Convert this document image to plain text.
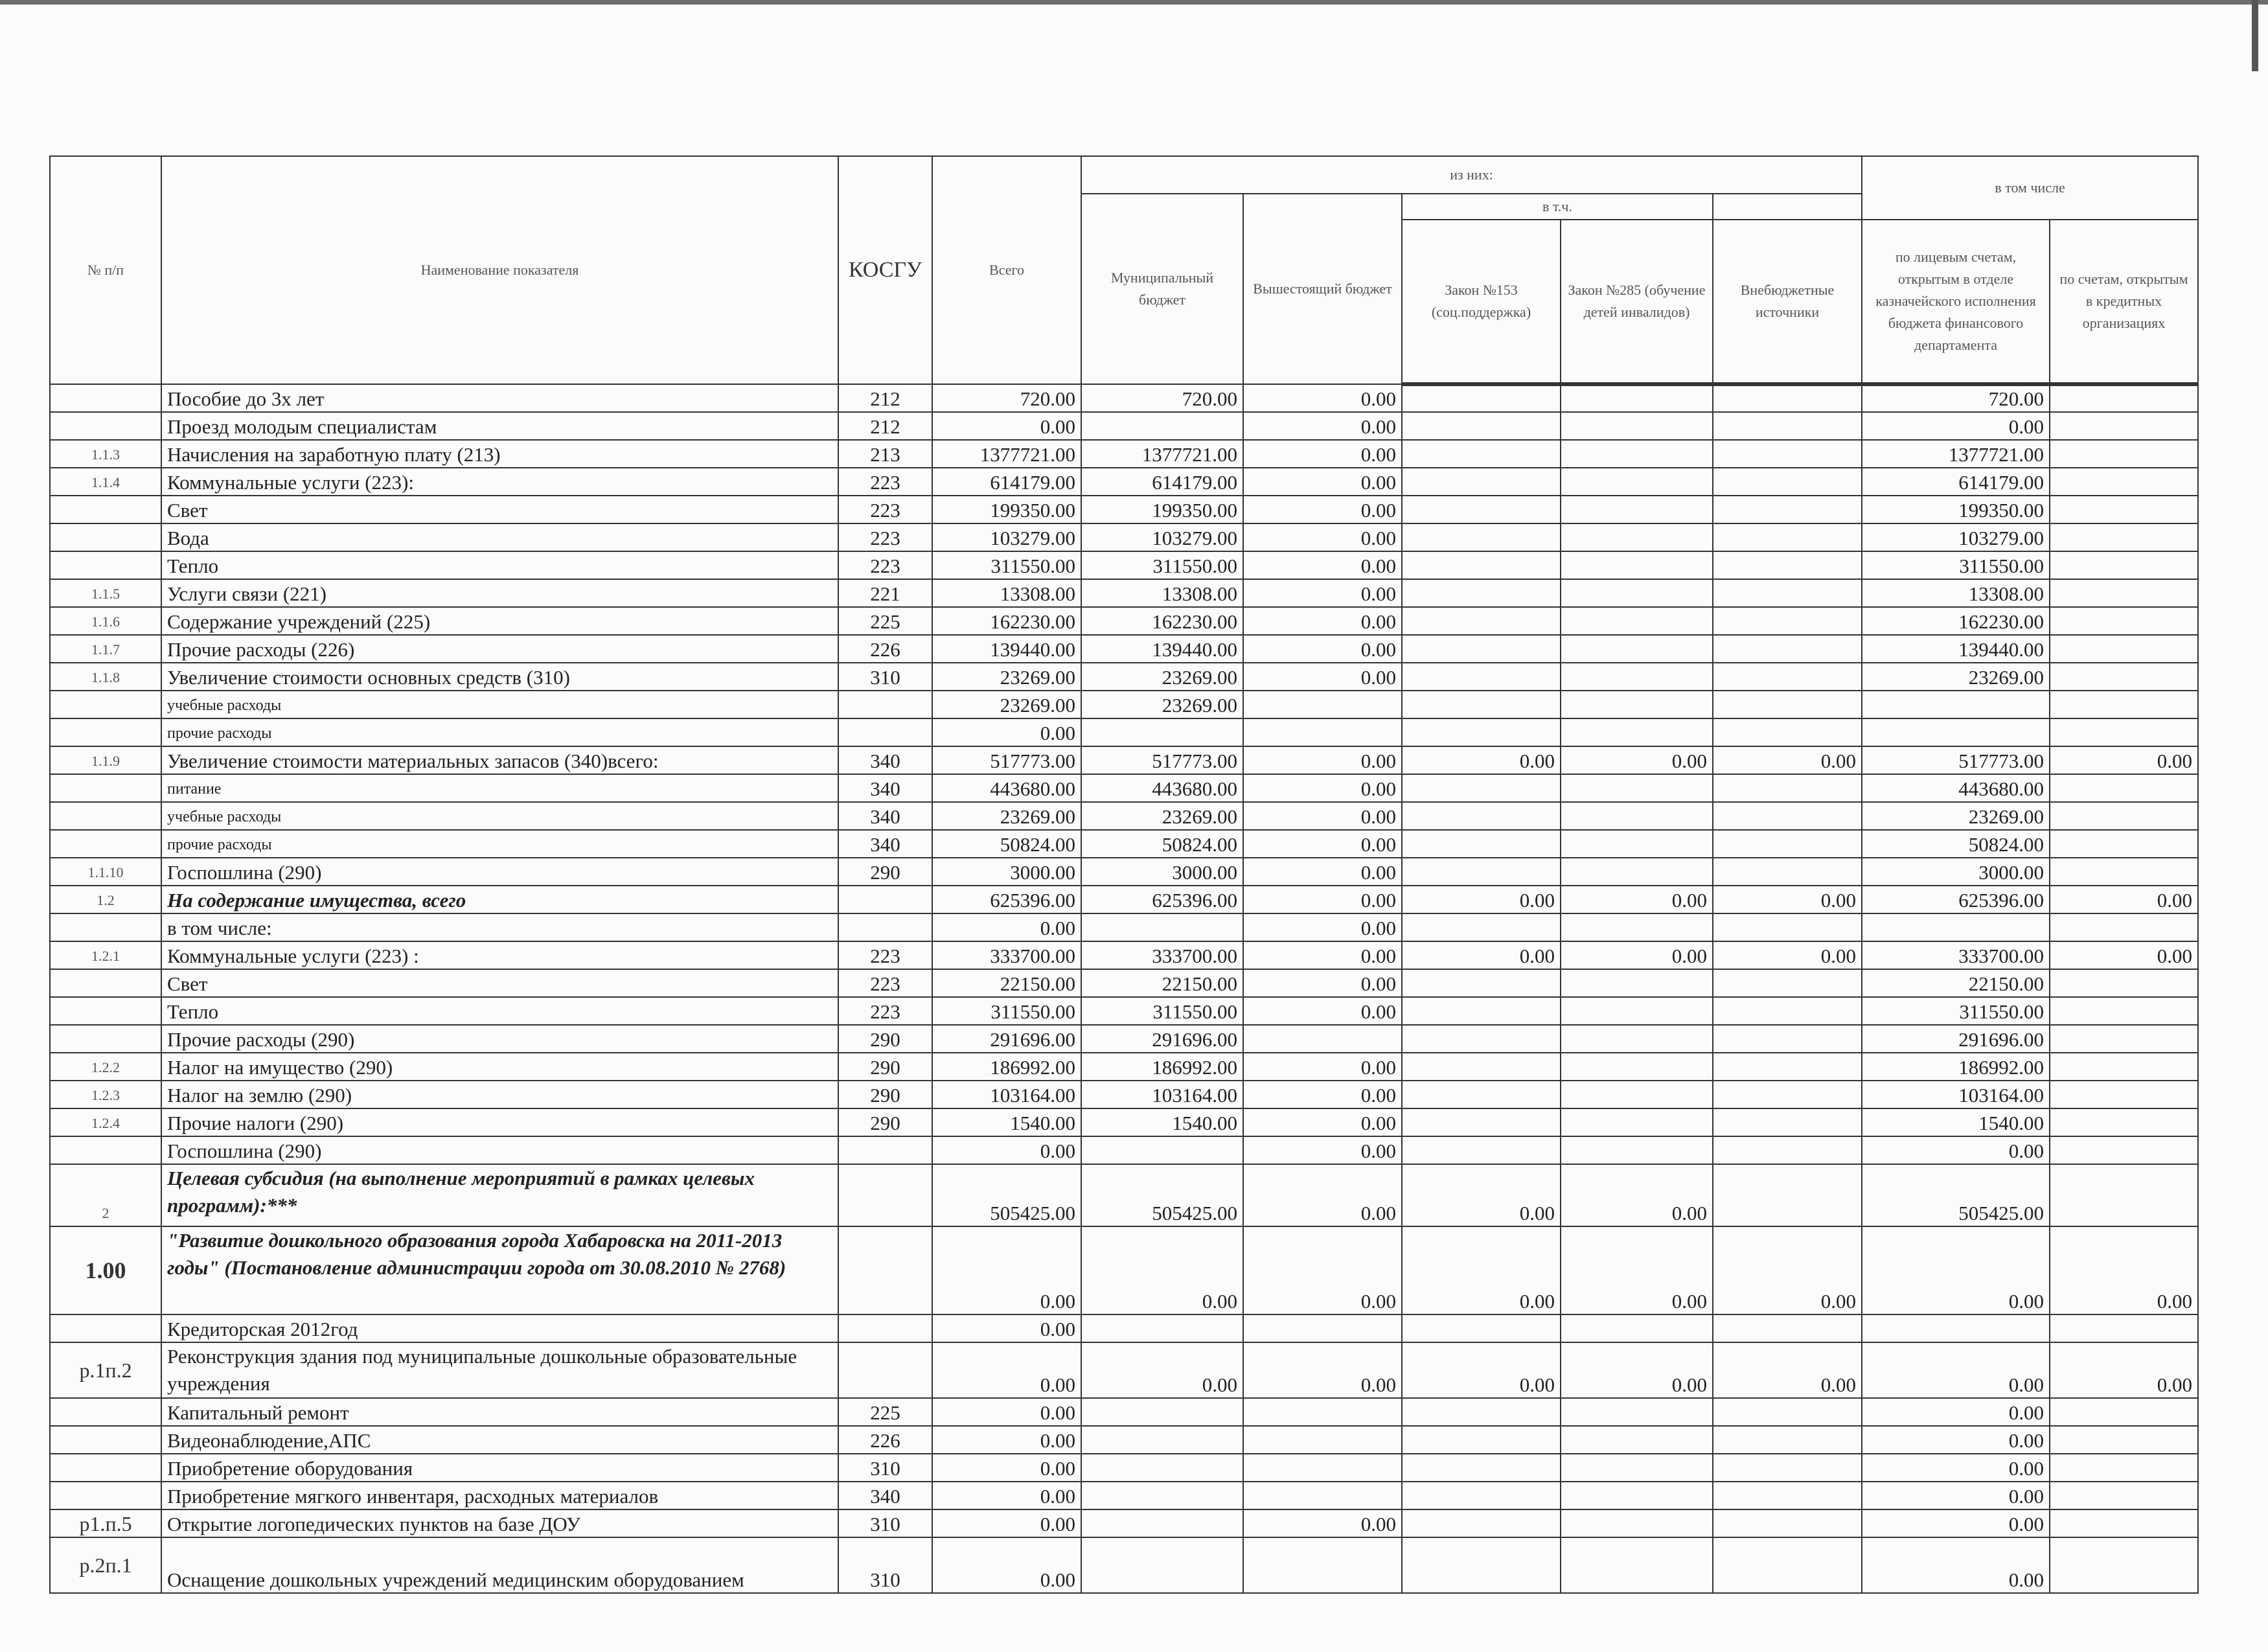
№ п/п	Наименование показателя	КОСГУ	Всего	из них:					в том числе	
				Муниципальный бюджет	Вышестоящий бюджет	в т.ч.				
						Закон №153 (соц.поддержка)	Закон №285 (обучение детей инвалидов)	Внебюджетные источники	по лицевым счетам, открытым в отделе казначейского исполнения бюджета финансового департамента	по счетам, открытым в кредитных организациях
	Пособие до 3х лет	212	720.00	720.00	0.00				720.00	
	Проезд молодым специалистам	212	0.00		0.00				0.00	
1.1.3	Начисления на заработную плату (213)	213	1377721.00	1377721.00	0.00				1377721.00	
1.1.4	Коммунальные услуги (223):	223	614179.00	614179.00	0.00				614179.00	
	Свет	223	199350.00	199350.00	0.00				199350.00	
	Вода	223	103279.00	103279.00	0.00				103279.00	
	Тепло	223	311550.00	311550.00	0.00				311550.00	
1.1.5	Услуги связи (221)	221	13308.00	13308.00	0.00				13308.00	
1.1.6	Содержание учреждений (225)	225	162230.00	162230.00	0.00				162230.00	
1.1.7	Прочие расходы (226)	226	139440.00	139440.00	0.00				139440.00	
1.1.8	Увеличение стоимости основных средств (310)	310	23269.00	23269.00	0.00				23269.00	
	учебные расходы		23269.00	23269.00						
	прочие расходы		0.00							
1.1.9	Увеличение стоимости материальных запасов (340)всего:	340	517773.00	517773.00	0.00	0.00	0.00	0.00	517773.00	0.00
	питание	340	443680.00	443680.00	0.00				443680.00	
	учебные расходы	340	23269.00	23269.00	0.00				23269.00	
	прочие расходы	340	50824.00	50824.00	0.00				50824.00	
1.1.10	Госпошлина (290)	290	3000.00	3000.00	0.00				3000.00	
1.2	На содержание имущества, всего		625396.00	625396.00	0.00	0.00	0.00	0.00	625396.00	0.00
	в том числе:		0.00		0.00					
1.2.1	Коммунальные услуги (223) :	223	333700.00	333700.00	0.00	0.00	0.00	0.00	333700.00	0.00
	Свет	223	22150.00	22150.00	0.00				22150.00	
	Тепло	223	311550.00	311550.00	0.00				311550.00	
	Прочие расходы (290)	290	291696.00	291696.00					291696.00	
1.2.2	Налог на имущество (290)	290	186992.00	186992.00	0.00				186992.00	
1.2.3	Налог на землю (290)	290	103164.00	103164.00	0.00				103164.00	
1.2.4	Прочие налоги (290)	290	1540.00	1540.00	0.00				1540.00	
	Госпошлина (290)		0.00		0.00				0.00	
2	Целевая субсидия (на выполнение мероприятий в рамках целевых программ):***		505425.00	505425.00	0.00	0.00	0.00		505425.00	
1.00	"Развитие дошкольного образования города Хабаровска на 2011-2013 годы" (Постановление администрации города от 30.08.2010 № 2768)		0.00	0.00	0.00	0.00	0.00	0.00	0.00	0.00
	Кредиторская 2012год		0.00							
р.1п.2	Реконструкция здания под муниципальные дошкольные образовательные учреждения		0.00	0.00	0.00	0.00	0.00	0.00	0.00	0.00
	Капитальный ремонт	225	0.00						0.00	
	Видеонаблюдение,АПС	226	0.00						0.00	
	Приобретение оборудования	310	0.00						0.00	
	Приобретение мягкого инвентаря, расходных материалов	340	0.00						0.00	
р1.п.5	Открытие логопедических пунктов на базе ДОУ	310	0.00		0.00				0.00	
р.2п.1	Оснащение дошкольных учреждений медицинским оборудованием	310	0.00						0.00	
